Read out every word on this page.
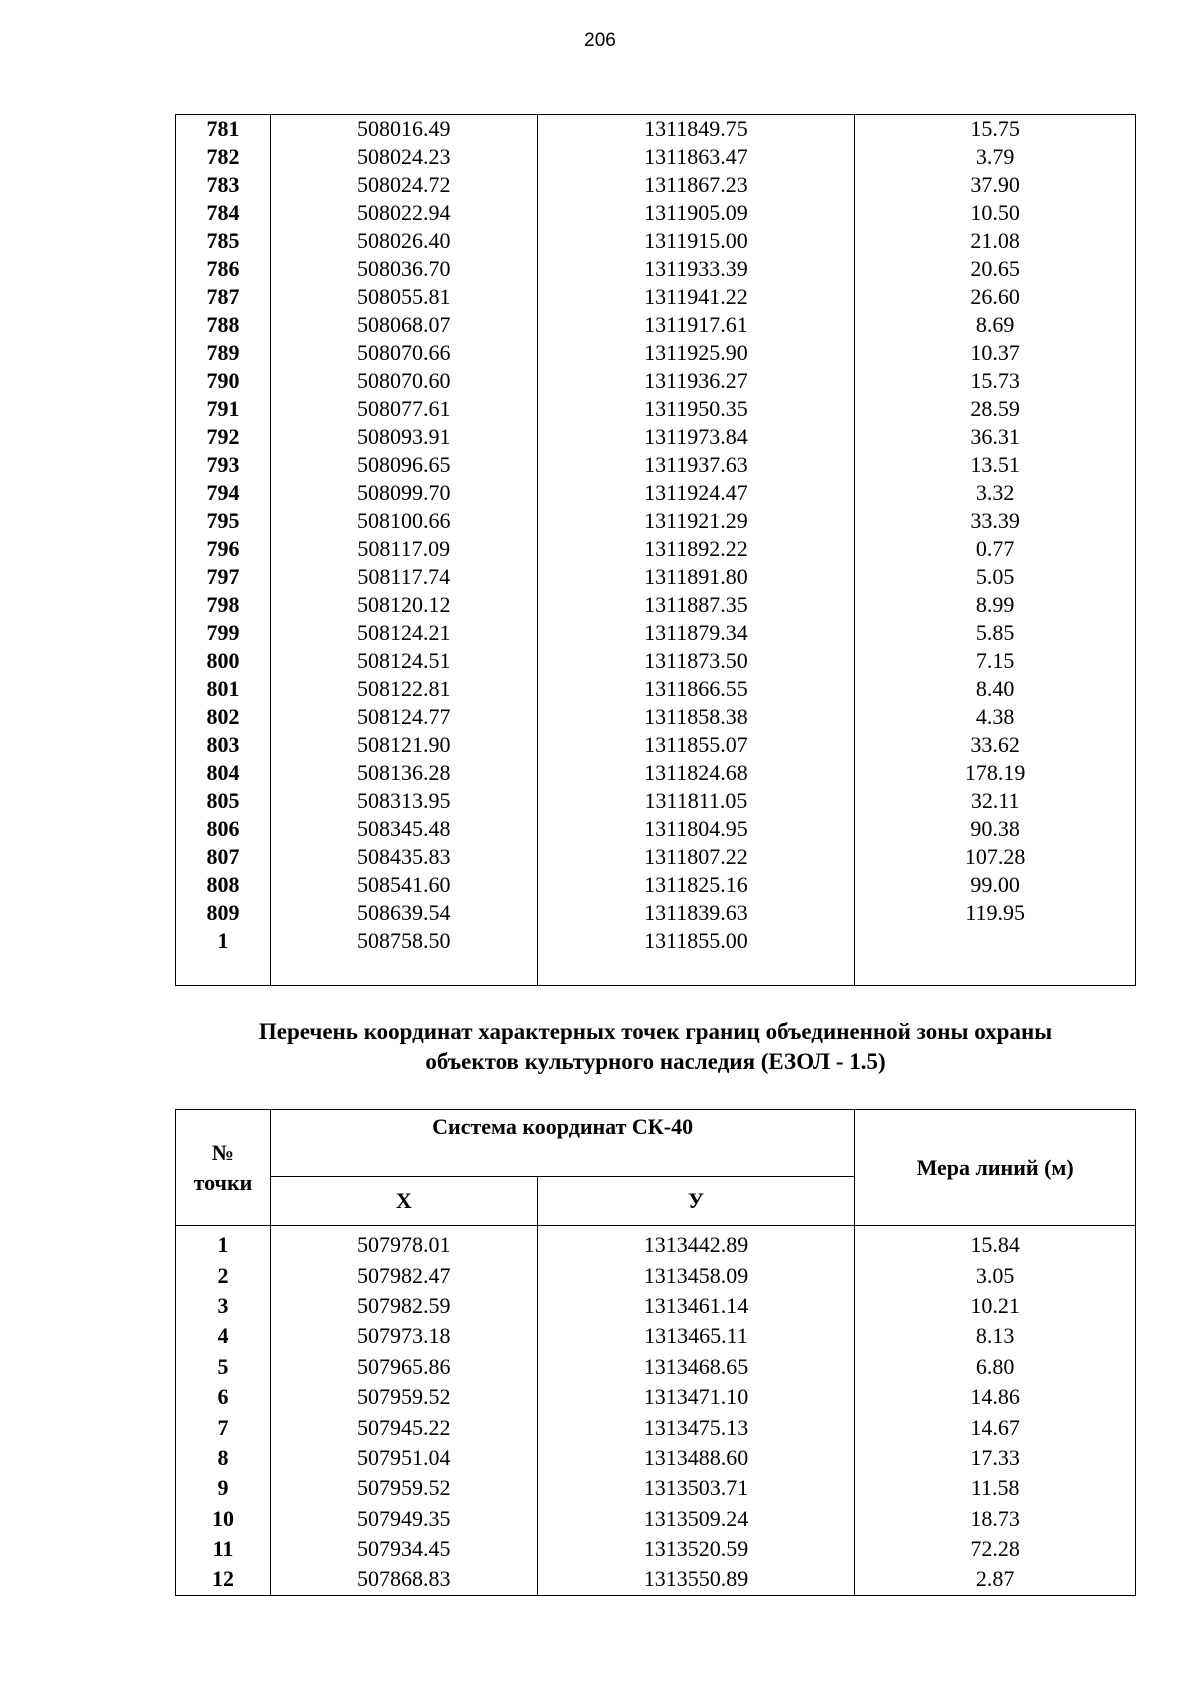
206
781	508016.49	1311849.75	15.75
782	508024.23	1311863.47	3.79
783	508024.72	1311867.23	37.90
784	508022.94	1311905.09	10.50
785	508026.40	1311915.00	21.08
786	508036.70	1311933.39	20.65
787	508055.81	1311941.22	26.60
788	508068.07	1311917.61	8.69
789	508070.66	1311925.90	10.37
790	508070.60	1311936.27	15.73
791	508077.61	1311950.35	28.59
792	508093.91	1311973.84	36.31
793	508096.65	1311937.63	13.51
794	508099.70	1311924.47	3.32
795	508100.66	1311921.29	33.39
796	508117.09	1311892.22	0.77
797	508117.74	1311891.80	5.05
798	508120.12	1311887.35	8.99
799	508124.21	1311879.34	5.85
800	508124.51	1311873.50	7.15
801	508122.81	1311866.55	8.40
802	508124.77	1311858.38	4.38
803	508121.90	1311855.07	33.62
804	508136.28	1311824.68	178.19
805	508313.95	1311811.05	32.11
806	508345.48	1311804.95	90.38
807	508435.83	1311807.22	107.28
808	508541.60	1311825.16	99.00
809	508639.54	1311839.63	119.95
1	508758.50	1311855.00	

Перечень координат характерных точек границ объединенной зоны охраны
объектов культурного наследия (ЕЗОЛ - 1.5)
№
точки	Система координат СК-40		Мера линий (м)
	X	У	
1	507978.01	1313442.89	15.84
2	507982.47	1313458.09	3.05
3	507982.59	1313461.14	10.21
4	507973.18	1313465.11	8.13
5	507965.86	1313468.65	6.80
6	507959.52	1313471.10	14.86
7	507945.22	1313475.13	14.67
8	507951.04	1313488.60	17.33
9	507959.52	1313503.71	11.58
10	507949.35	1313509.24	18.73
11	507934.45	1313520.59	72.28
12	507868.83	1313550.89	2.87
